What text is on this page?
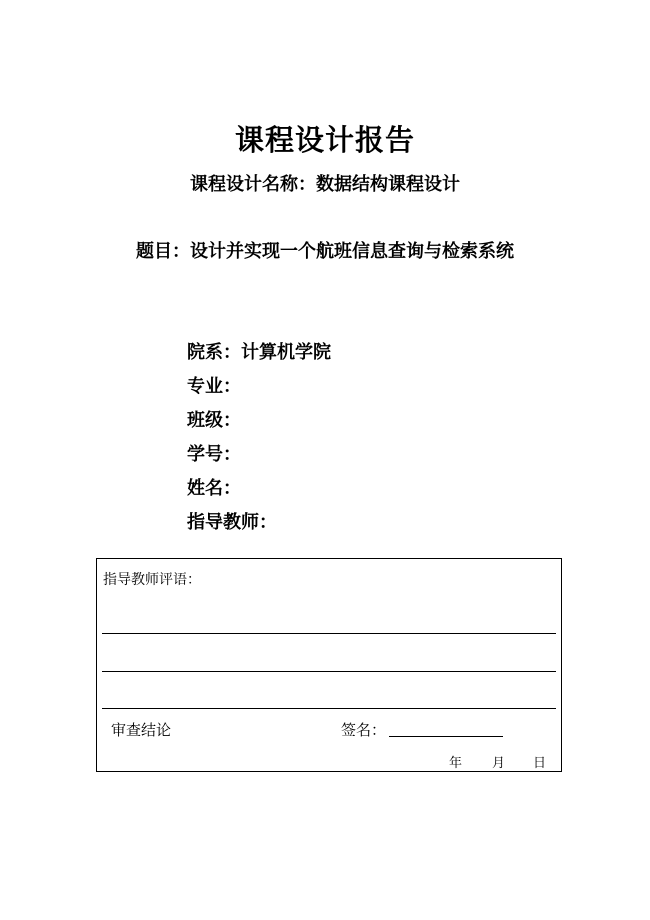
课程设计报告
课程设计名称：数据结构课程设计
题目：设计并实现一个航班信息查询与检索系统
院系：计算机学院
专业：
班级：
学号：
姓名：
指导教师：
指导教师评语：
审查结论	签名：
年 月 日
